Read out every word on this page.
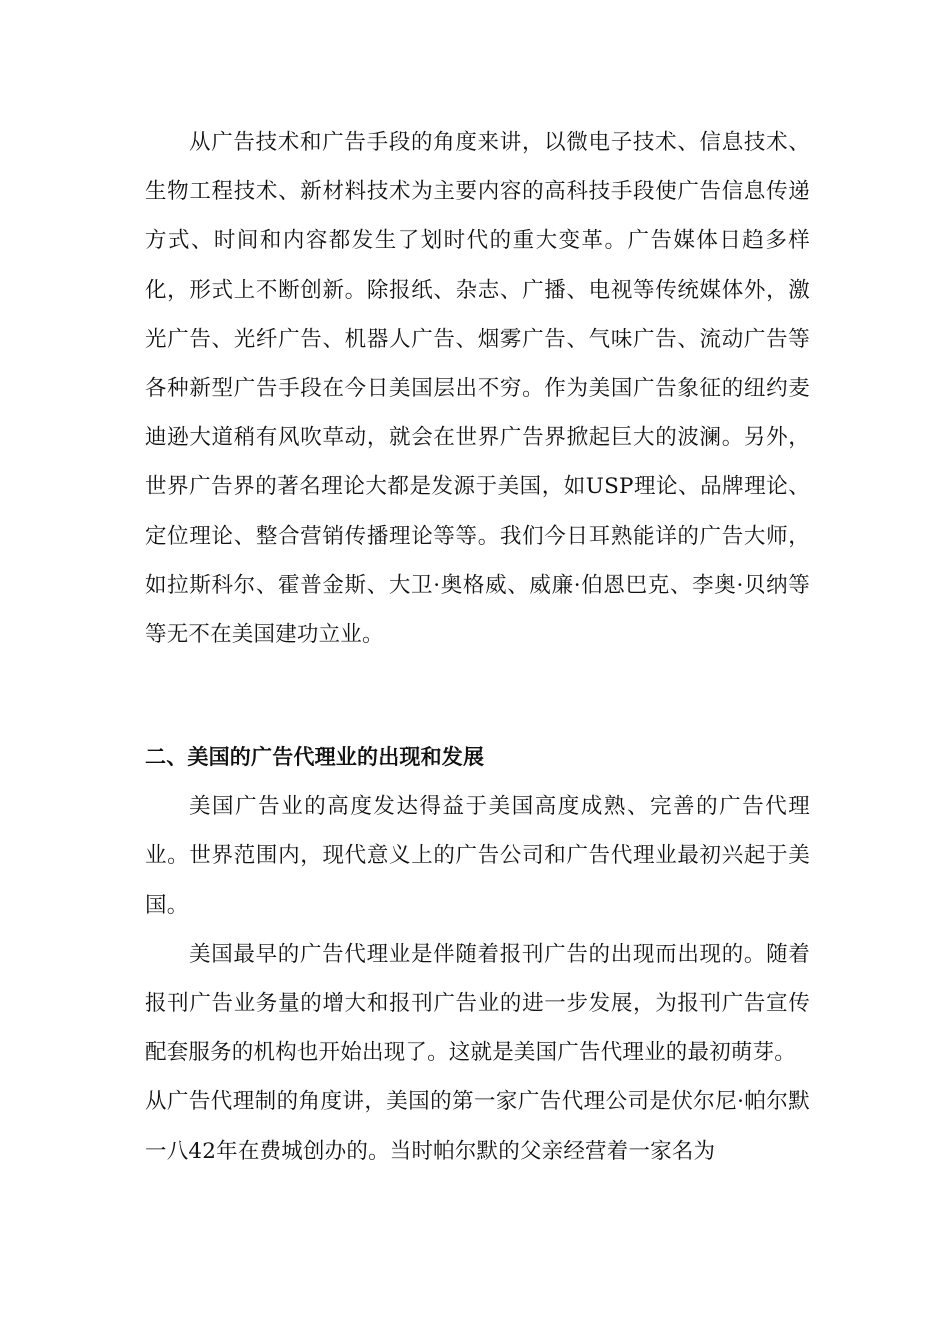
从广告技术和广告手段的角度来讲，以微电子技术、信息技术、生物工程技术、新材料技术为主要内容的高科技手段使广告信息传递方式、时间和内容都发生了划时代的重大变革。广告媒体日趋多样化，形式上不断创新。除报纸、杂志、广播、电视等传统媒体外，激光广告、光纤广告、机器人广告、烟雾广告、气味广告、流动广告等各种新型广告手段在今日美国层出不穷。作为美国广告象征的纽约麦迪逊大道稍有风吹草动，就会在世界广告界掀起巨大的波澜。另外，世界广告界的著名理论大都是发源于美国，如USP理论、品牌理论、定位理论、整合营销传播理论等等。我们今日耳熟能详的广告大师，如拉斯科尔、霍普金斯、大卫·奥格威、威廉·伯恩巴克、李奥·贝纳等等无不在美国建功立业。

二、美国的广告代理业的出现和发展

美国广告业的高度发达得益于美国高度成熟、完善的广告代理业。世界范围内，现代意义上的广告公司和广告代理业最初兴起于美国。

美国最早的广告代理业是伴随着报刊广告的出现而出现的。随着报刊广告业务量的增大和报刊广告业的进一步发展，为报刊广告宣传配套服务的机构也开始出现了。这就是美国广告代理业的最初萌芽。

从广告代理制的角度讲，美国的第一家广告代理公司是伏尔尼·帕尔默一八42年在费城创办的。当时帕尔默的父亲经营着一家名为
